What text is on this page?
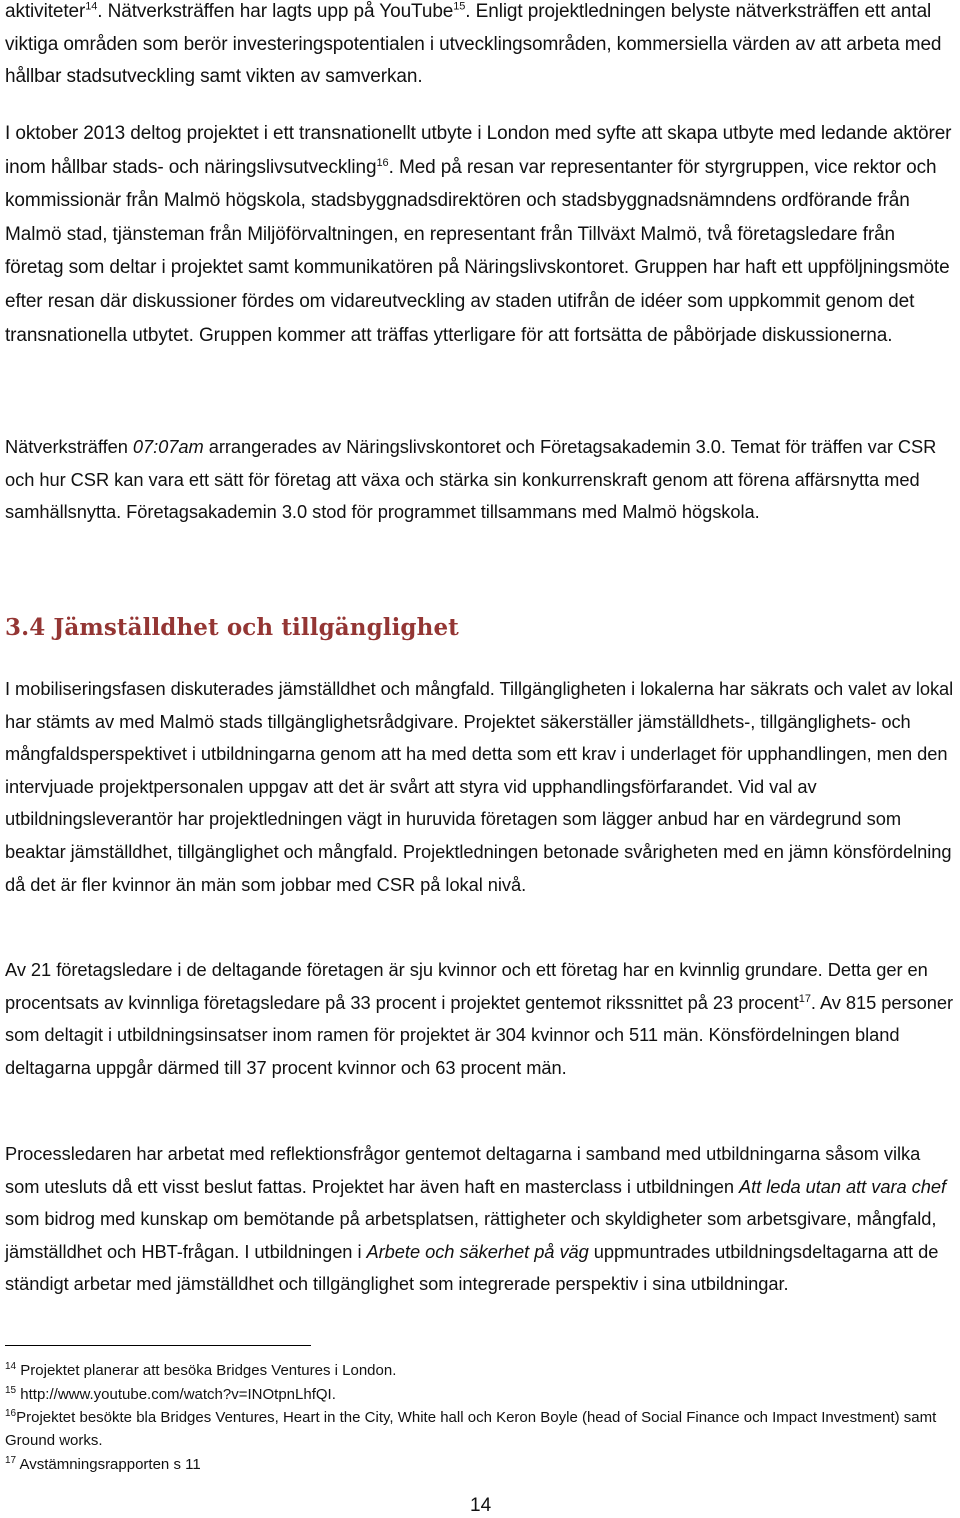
aktiviteter$^{14}$. Nätverksträffen har lagts upp på YouTube$^{15}$. Enligt projektledningen belyste nätverksträffen ett antal viktiga områden som berör investeringspotentialen i utvecklingsområden, kommersiella värden av att arbeta med hållbar stadsutveckling samt vikten av samverkan.

I oktober 2013 deltog projektet i ett transnationellt utbyte i London med syfte att skapa utbyte med ledande aktörer inom hållbar stads- och näringslivsutveckling$^{16}$. Med på resan var representanter för styrgruppen, vice rektor och kommissionär från Malmö högskola, stadsbyggnadsdirektören och stadsbyggnadsnämndens ordförande från Malmö stad, tjänsteman från Miljöförvaltningen, en representant från Tillväxt Malmö, två företagsledare från företag som deltar i projektet samt kommunikatören på Näringslivskontoret. Gruppen har haft ett uppföljningsmöte efter resan där diskussioner fördes om vidareutveckling av staden utifrån de idéer som uppkommit genom det transnationella utbytet. Gruppen kommer att träffas ytterligare för att fortsätta de påbörjade diskussionerna.

Nätverksträffen 07:07am arrangerades av Näringslivskontoret och Företagsakademin 3.0. Temat för träffen var CSR och hur CSR kan vara ett sätt för företag att växa och stärka sin konkurrenskraft genom att förena affärsnytta med samhällsnytta. Företagsakademin 3.0 stod för programmet tillsammans med Malmö högskola.

3.4 Jämställdhet och tillgänglighet

I mobiliseringsfasen diskuterades jämställdhet och mångfald. Tillgängligheten i lokalerna har säkrats och valet av lokal har stämts av med Malmö stads tillgänglighetsrådgivare. Projektet säkerställer jämställdhets-, tillgänglighets- och mångfaldsperspektivet i utbildningarna genom att ha med detta som ett krav i underlaget för upphandlingen, men den intervjuade projektpersonalen uppgav att det är svårt att styra vid upphandlingsförfarandet. Vid val av utbildningsleverantör har projektledningen vägt in huruvida företagen som lägger anbud har en värdegrund som beaktar jämställdhet, tillgänglighet och mångfald. Projektledningen betonade svårigheten med en jämn könsfördelning då det är fler kvinnor än män som jobbar med CSR på lokal nivå.

Av 21 företagsledare i de deltagande företagen är sju kvinnor och ett företag har en kvinnlig grundare. Detta ger en procentsats av kvinnliga företagsledare på 33 procent i projektet gentemot rikssnittet på 23 procent$^{17}$. Av 815 personer som deltagit i utbildningsinsatser inom ramen för projektet är 304 kvinnor och 511 män. Könsfördelningen bland deltagarna uppgår därmed till 37 procent kvinnor och 63 procent män.

Processledaren har arbetat med reflektionsfrågor gentemot deltagarna i samband med utbildningarna såsom vilka som utesluts då ett visst beslut fattas. Projektet har även haft en masterclass i utbildningen Att leda utan att vara chef som bidrog med kunskap om bemötande på arbetsplatsen, rättigheter och skyldigheter som arbetsgivare, mångfald, jämställdhet och HBT-frågan. I utbildningen i Arbete och säkerhet på väg uppmuntrades utbildningsdeltagarna att de ständigt arbetar med jämställdhet och tillgänglighet som integrerade perspektiv i sina utbildningar.

$^{14}$ Projektet planerar att besöka Bridges Ventures i London.
$^{15}$ http://www.youtube.com/watch?v=INOtpnLhfQI.
$^{16}$Projektet besökte bla Bridges Ventures, Heart in the City, White hall och Keron Boyle (head of Social Finance och Impact Investment) samt Ground works.
$^{17}$ Avstämningsrapporten s 11
14
